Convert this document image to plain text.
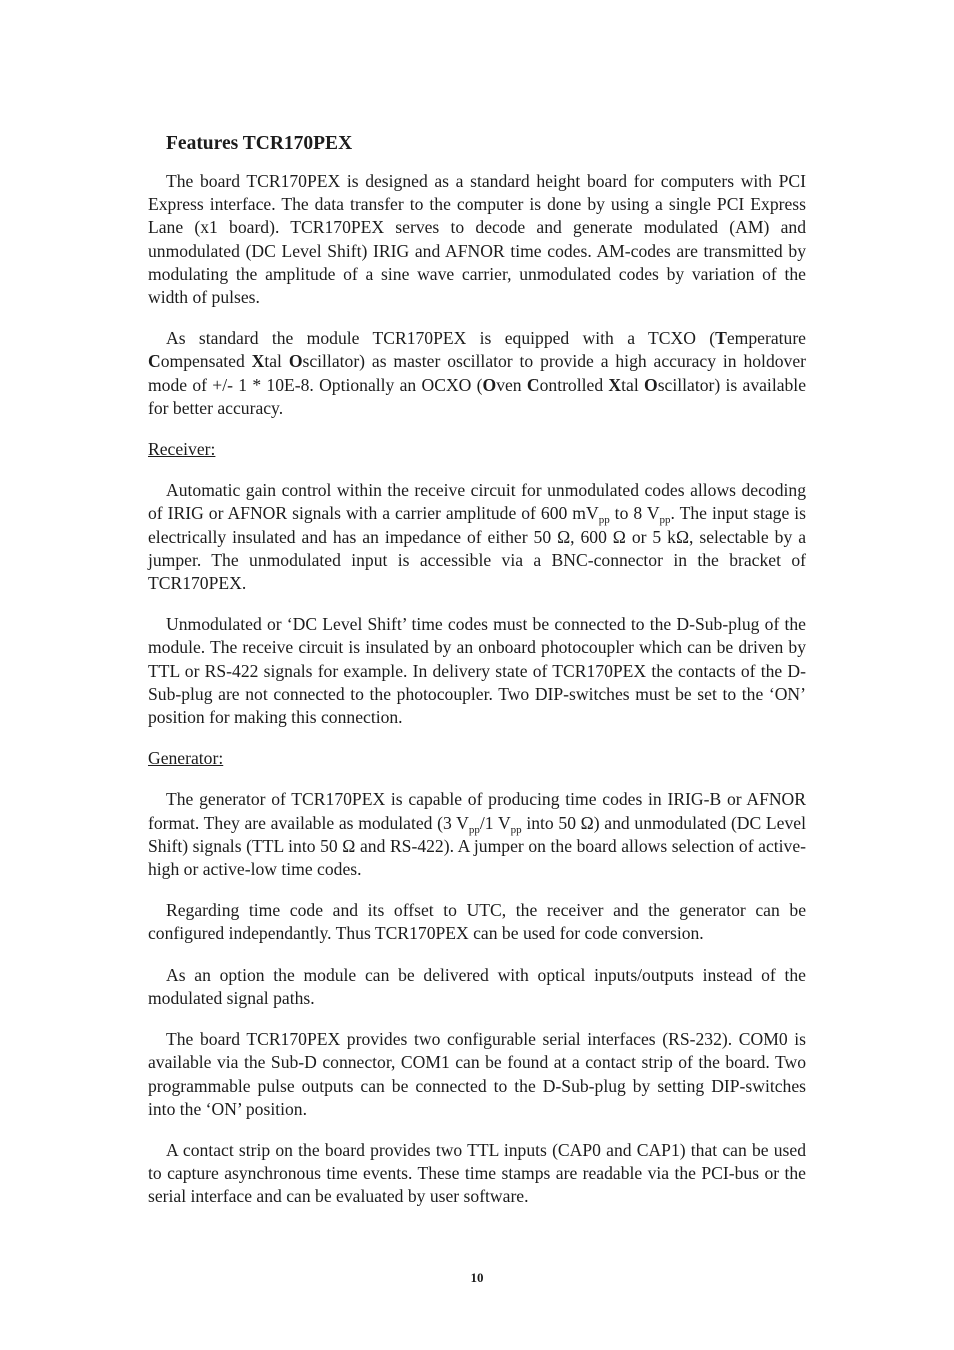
Features TCR170PEX

The board TCR170PEX is designed as a standard height board for computers with PCI Express interface. The data transfer to the computer is done by using a single PCI Express Lane (x1 board). TCR170PEX serves to decode and generate modulated (AM) and unmodulated (DC Level Shift) IRIG and AFNOR time codes. AM-codes are transmitted by modulating the amplitude of a sine wave carrier, unmodulated codes by variation of the width of pulses.

As standard the module TCR170PEX is equipped with a TCXO (Temperature Compensated Xtal Oscillator) as master oscillator to provide a high accuracy in holdover mode of +/- 1 * 10E-8. Optionally an OCXO (Oven Controlled Xtal Oscillator) is available for better accuracy.

Receiver:

Automatic gain control within the receive circuit for unmodulated codes allows decoding of IRIG or AFNOR signals with a carrier amplitude of 600 $mV_{pp}$ to 8 $V_{pp}$. The input stage is electrically insulated and has an impedance of either 50 Ω, 600 Ω or 5 kΩ, selectable by a jumper. The unmodulated input is accessible via a BNC-connector in the bracket of TCR170PEX.

Unmodulated or ‘DC Level Shift’ time codes must be connected to the D-Sub-plug of the module. The receive circuit is insulated by an onboard photocoupler which can be driven by TTL or RS-422 signals for example. In delivery state of TCR170PEX the contacts of the D-Sub-plug are not connected to the photocoupler. Two DIP-switches must be set to the ‘ON’ position for making this connection.

Generator:

The generator of TCR170PEX is capable of producing time codes in IRIG-B or AFNOR format. They are available as modulated (3 $V_{pp}/1$ $V_{pp}$ into 50 Ω) and unmodulated (DC Level Shift) signals (TTL into 50 Ω and RS-422). A jumper on the board allows selection of active-high or active-low time codes.

Regarding time code and its offset to UTC, the receiver and the generator can be configured independantly. Thus TCR170PEX can be used for code conversion.

As an option the module can be delivered with optical inputs/outputs instead of the modulated signal paths.

The board TCR170PEX provides two configurable serial interfaces (RS-232). COM0 is available via the Sub-D connector, COM1 can be found at a contact strip of the board. Two programmable pulse outputs can be connected to the D-Sub-plug by setting DIP-switches into the ‘ON’ position.

A contact strip on the board provides two TTL inputs (CAP0 and CAP1) that can be used to capture asynchronous time events. These time stamps are readable via the PCI-bus or the serial interface and can be evaluated by user software.

10
